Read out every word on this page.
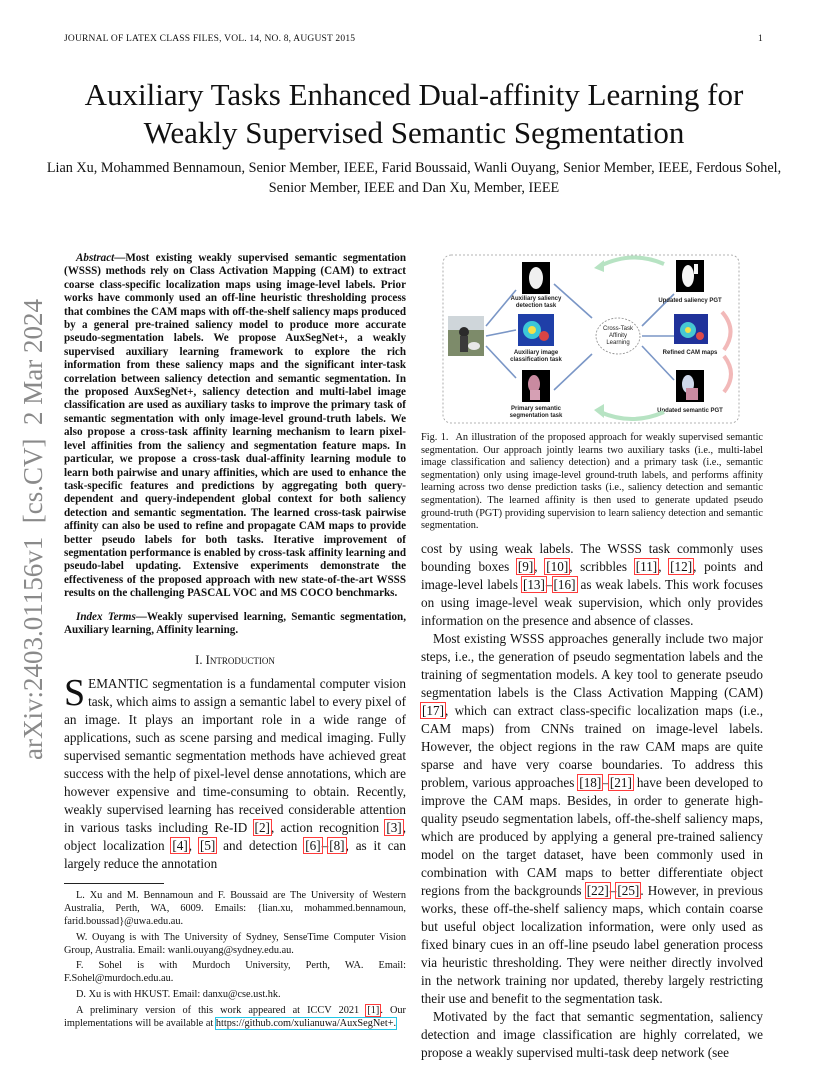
JOURNAL OF LATEX CLASS FILES, VOL. 14, NO. 8, AUGUST 2015	1
Auxiliary Tasks Enhanced Dual-affinity Learning for Weakly Supervised Semantic Segmentation
Lian Xu, Mohammed Bennamoun, Senior Member, IEEE, Farid Boussaid, Wanli Ouyang, Senior Member, IEEE, Ferdous Sohel, Senior Member, IEEE and Dan Xu, Member, IEEE
arXiv:2403.01156v1  [cs.CV]  2 Mar 2024

Abstract—Most existing weakly supervised semantic segmentation (WSSS) methods rely on Class Activation Mapping (CAM) to extract coarse class-specific localization maps using image-level labels. Prior works have commonly used an off-line heuristic thresholding process that combines the CAM maps with off-the-shelf saliency maps produced by a general pre-trained saliency model to produce more accurate pseudo-segmentation labels. We propose AuxSegNet+, a weakly supervised auxiliary learning framework to explore the rich information from these saliency maps and the significant inter-task correlation between saliency detection and semantic segmentation. In the proposed AuxSegNet+, saliency detection and multi-label image classification are used as auxiliary tasks to improve the primary task of semantic segmentation with only image-level ground-truth labels. We also propose a cross-task affinity learning mechanism to learn pixel-level affinities from the saliency and segmentation feature maps. In particular, we propose a cross-task dual-affinity learning module to learn both pairwise and unary affinities, which are used to enhance the task-specific features and predictions by aggregating both query-dependent and query-independent global context for both saliency detection and semantic segmentation. The learned cross-task pairwise affinity can also be used to refine and propagate CAM maps to provide better pseudo labels for both tasks. Iterative improvement of segmentation performance is enabled by cross-task affinity learning and pseudo-label updating. Extensive experiments demonstrate the effectiveness of the proposed approach with new state-of-the-art WSSS results on the challenging PASCAL VOC and MS COCO benchmarks.

Index Terms—Weakly supervised learning, Semantic segmentation, Auxiliary learning, Affinity learning.

I. Introduction

SEMANTIC segmentation is a fundamental computer vision task, which aims to assign a semantic label to every pixel of an image. It plays an important role in a wide range of applications, such as scene parsing and medical imaging. Fully supervised semantic segmentation methods have achieved great success with the help of pixel-level dense annotations, which are however expensive and time-consuming to obtain. Recently, weakly supervised learning has received considerable attention in various tasks including Re-ID [2], action recognition [3], object localization [4], [5] and detection [6]–[8], as it can largely reduce the annotation

L. Xu and M. Bennamoun and F. Boussaid are The University of Western Australia, Perth, WA, 6009. Emails: {lian.xu, mohammed.bennamoun, farid.boussad}@uwa.edu.au.

W. Ouyang is with The University of Sydney, SenseTime Computer Vision Group, Australia. Email: wanli.ouyang@sydney.edu.au.

F. Sohel is with Murdoch University, Perth, WA. Email: F.Sohel@murdoch.edu.au.

D. Xu is with HKUST. Email: danxu@cse.ust.hk.

A preliminary version of this work appeared at ICCV 2021 [1]. Our implementations will be available at https://github.com/xulianuwa/AuxSegNet+.

Auxiliary saliency detection task
Auxiliary image classification task
Primary semantic segmentation task
Cross-Task Affinity Learning
Updated saliency PGT
Refined CAM maps
Updated semantic PGT
Fig. 1. An illustration of the proposed approach for weakly supervised semantic segmentation. Our approach jointly learns two auxiliary tasks (i.e., multi-label image classification and saliency detection) and a primary task (i.e., semantic segmentation) only using image-level ground-truth labels, and performs affinity learning across two dense prediction tasks (i.e., saliency detection and semantic segmentation). The learned affinity is then used to generate updated pseudo ground-truth (PGT) providing supervision to learn saliency detection and semantic segmentation.

cost by using weak labels. The WSSS task commonly uses bounding boxes [9], [10], scribbles [11], [12], points and image-level labels [13]–[16] as weak labels. This work focuses on using image-level weak supervision, which only provides information on the presence and absence of classes.

Most existing WSSS approaches generally include two major steps, i.e., the generation of pseudo segmentation labels and the training of segmentation models. A key tool to generate pseudo segmentation labels is the Class Activation Mapping (CAM) [17], which can extract class-specific localization maps (i.e., CAM maps) from CNNs trained on image-level labels. However, the object regions in the raw CAM maps are quite sparse and have very coarse boundaries. To address this problem, various approaches [18]–[21] have been developed to improve the CAM maps. Besides, in order to generate high-quality pseudo segmentation labels, off-the-shelf saliency maps, which are produced by applying a general pre-trained saliency model on the target dataset, have been commonly used in combination with CAM maps to better differentiate object regions from the backgrounds [22]–[25]. However, in previous works, these off-the-shelf saliency maps, which contain coarse but useful object localization information, were only used as fixed binary cues in an off-line pseudo label generation process via heuristic thresholding. They were neither directly involved in the network training nor updated, thereby largely restricting their use and benefit to the segmentation task.

Motivated by the fact that semantic segmentation, saliency detection and image classification are highly correlated, we propose a weakly supervised multi-task deep network (see
